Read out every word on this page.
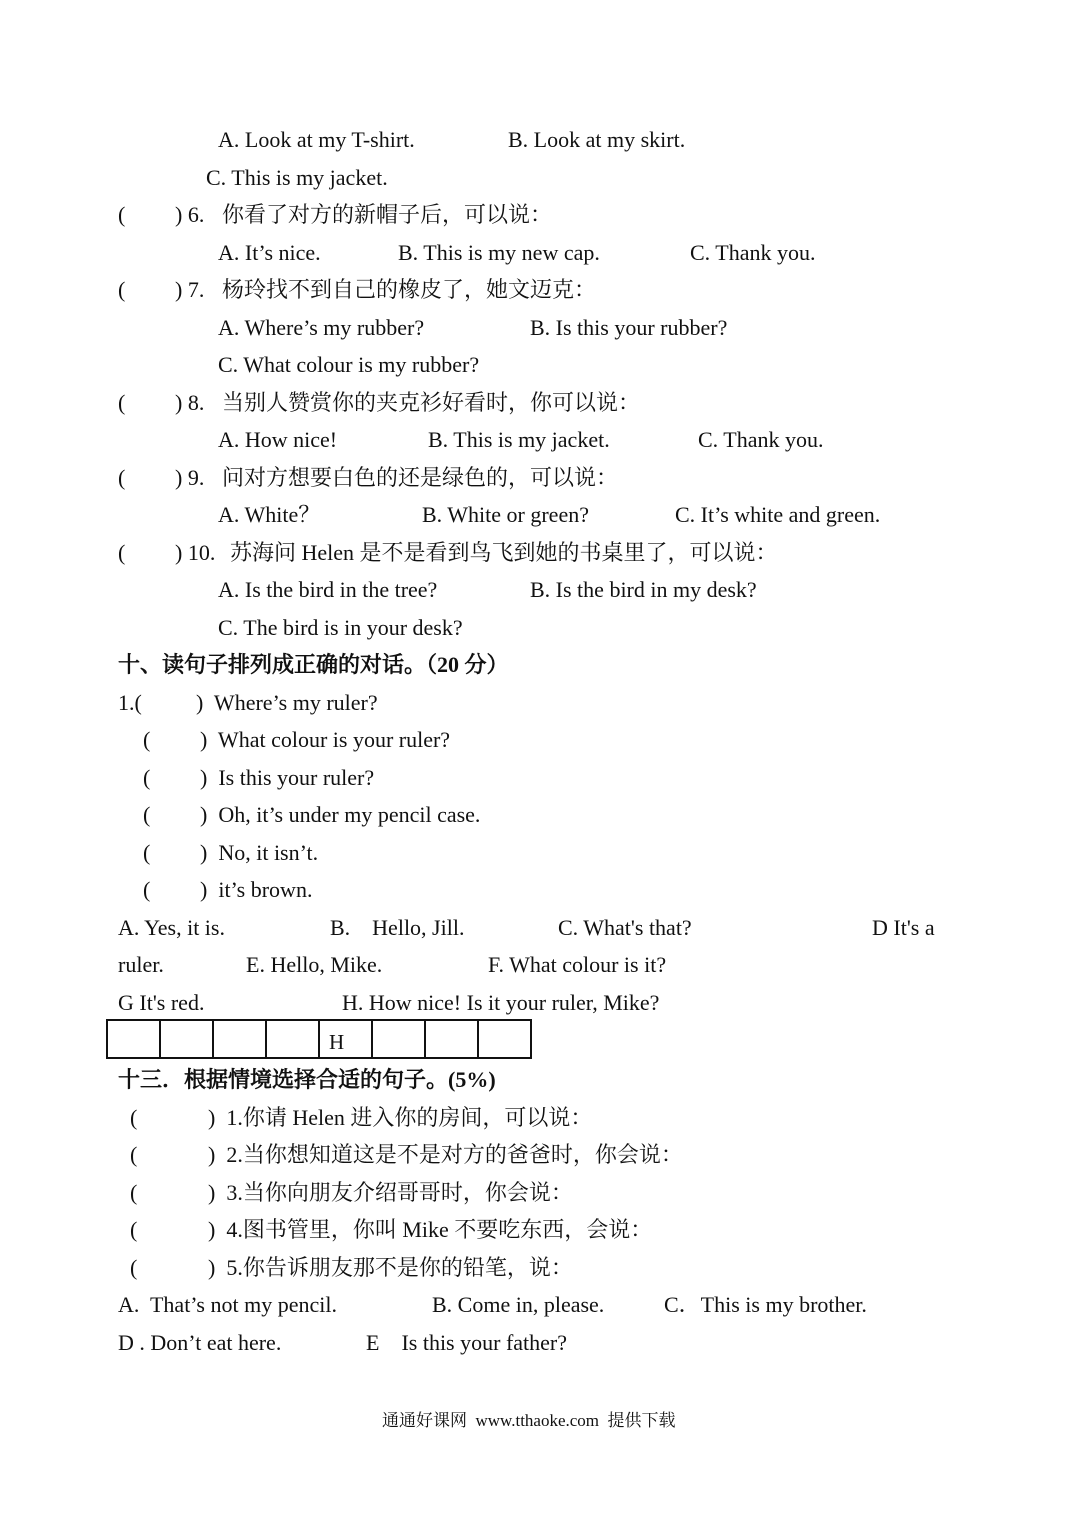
A. Look at my T-shirt.	B. Look at my skirt.
C. This is my jacket.
( ) 6. 你看了对方的新帽子后，可以说：
A. It’s nice.	B. This is my new cap.	C. Thank you.
( ) 7. 杨玲找不到自己的橡皮了，她文迈克：
A. Where’s my rubber?	B. Is this your rubber?
C. What colour is my rubber?
( ) 8. 当别人赞赏你的夹克衫好看时，你可以说：
A. How nice!	B. This is my jacket.	C. Thank you.
( ) 9. 问对方想要白色的还是绿色的，可以说：
A. White？	B. White or green?	C. It’s white and green.
( ) 10. 苏海问 Helen 是不是看到鸟飞到她的书桌里了，可以说：
A. Is the bird in the tree?	B. Is the bird in my desk?
C. The bird is in your desk?
十、读句子排列成正确的对话。（20 分）
1.( )  Where’s my ruler?
( )  What colour is your ruler?
( )  Is this your ruler?
( )  Oh, it’s under my pencil case.
( )  No, it isn’t.
( )  it’s brown.
A. Yes, it is.	B.    Hello, Jill.	C. What's that?	D It's a
ruler.	E. Hello, Mike.	F. What colour is it?
G It's red.	H. How nice! Is it your ruler, Mike?
H
十三．根据情境选择合适的句子。(5%)
(	)  1.你请 Helen 进入你的房间，可以说：
(	)  2.当你想知道这是不是对方的爸爸时，你会说：
(	)  3.当你向朋友介绍哥哥时，你会说：
(	)  4.图书管里，你叫 Mike 不要吃东西，会说：
(	)  5.你告诉朋友那不是你的铅笔，说：
A.  That’s not my pencil.	B. Come in, please.	C．This is my brother.
D . Don’t eat here.	E    Is this your father?
通通好课网  www.tthaoke.com  提供下载
